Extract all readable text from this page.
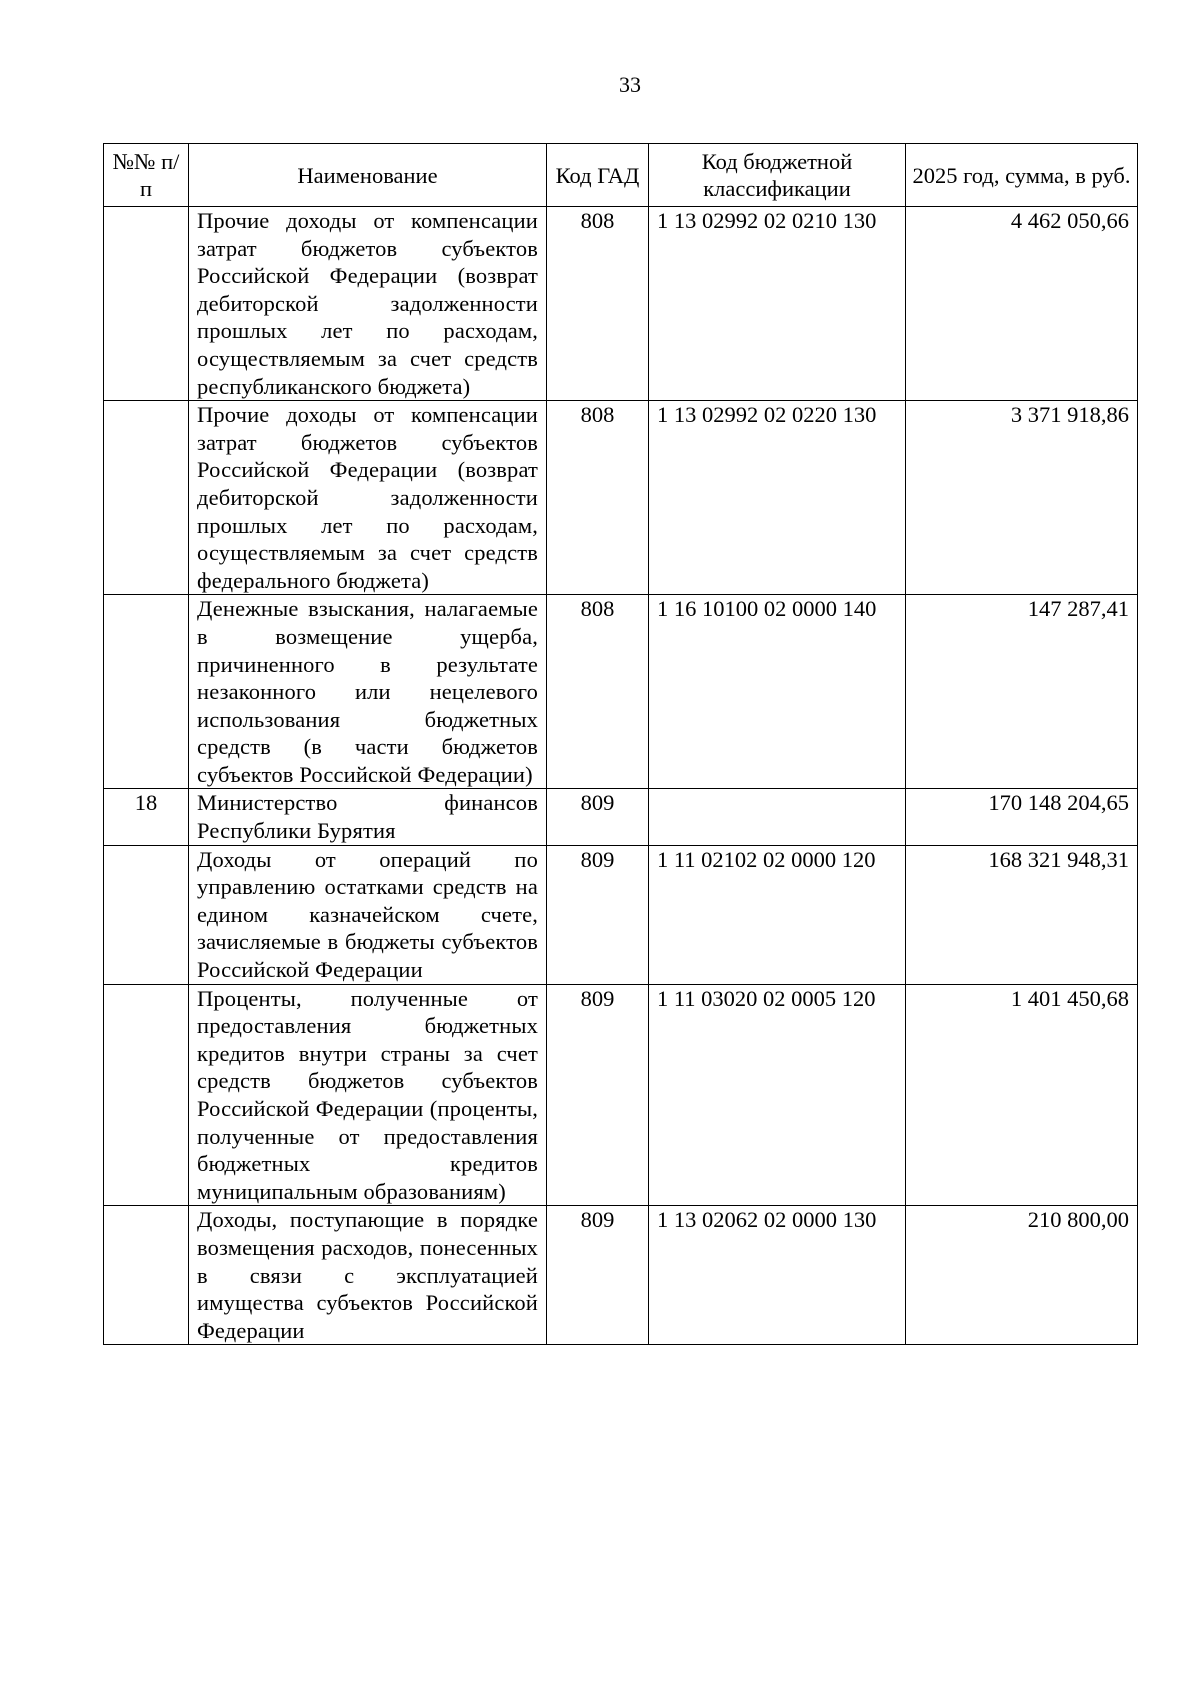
33
№№ п/п	Наименование	Код ГАД	Код бюджетной классификации	2025 год, сумма, в руб.
	Прочие доходы от компенсации затрат бюджетов субъектов Российской Федерации (возврат дебиторской задолженности прошлых лет по расходам, осуществляемым за счет средств республиканского бюджета)	808	1 13 02992 02 0210 130	4 462 050,66
	Прочие доходы от компенсации затрат бюджетов субъектов Российской Федерации (возврат дебиторской задолженности прошлых лет по расходам, осуществляемым за счет средств федерального бюджета)	808	1 13 02992 02 0220 130	3 371 918,86
	Денежные взыскания, налагаемые в возмещение ущерба, причиненного в результате незаконного или нецелевого использования бюджетных средств (в части бюджетов субъектов Российской Федерации)	808	1 16 10100 02 0000 140	147 287,41
18	Министерство финансов Республики Бурятия	809		170 148 204,65
	Доходы от операций по управлению остатками средств на едином казначейском счете, зачисляемые в бюджеты субъектов Российской Федерации	809	1 11 02102 02 0000 120	168 321 948,31
	Проценты, полученные от предоставления бюджетных кредитов внутри страны за счет средств бюджетов субъектов Российской Федерации (проценты, полученные от предоставления бюджетных кредитов муниципальным образованиям)	809	1 11 03020 02 0005 120	1 401 450,68
	Доходы, поступающие в порядке возмещения расходов, понесенных в связи с эксплуатацией имущества субъектов Российской Федерации	809	1 13 02062 02 0000 130	210 800,00
